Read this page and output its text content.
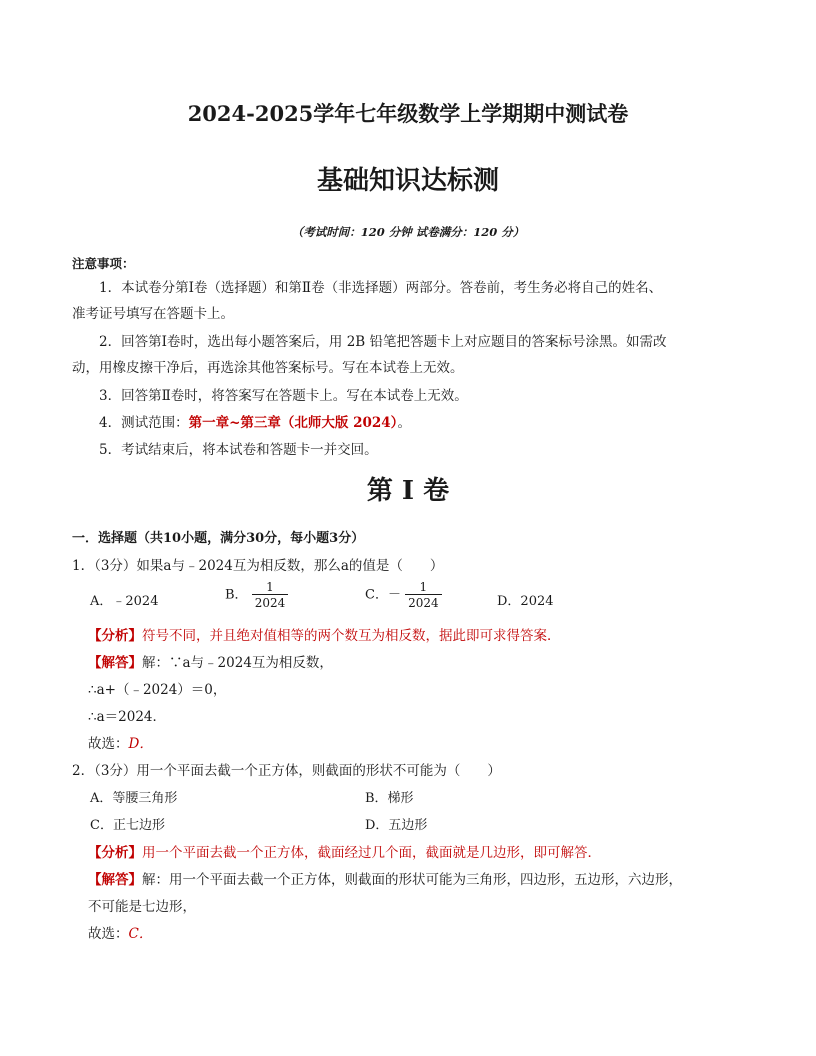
2024-2025学年七年级数学上学期期中测试卷
基础知识达标测
（考试时间：120 分钟 试卷满分：120 分）
注意事项：
1．本试卷分第Ⅰ卷（选择题）和第Ⅱ卷（非选择题）两部分。答卷前，考生务必将自己的姓名、
准考证号填写在答题卡上。
2．回答第Ⅰ卷时，选出每小题答案后，用 2B 铅笔把答题卡上对应题目的答案标号涂黑。如需改
动，用橡皮擦干净后，再选涂其他答案标号。写在本试卷上无效。
3．回答第Ⅱ卷时，将答案写在答题卡上。写在本试卷上无效。
4．测试范围：第一章~第三章（北师大版 2024）。
5．考试结束后，将本试卷和答题卡一并交回。
第 I 卷
一．选择题（共10小题，满分30分，每小题3分）
1．（3分）如果a与﹣2024互为相反数，那么a的值是（　　）
A．﹣2024	B． $\frac{1}{2024}$	C．－ $\frac{1}{2024}$	D．2024
【分析】符号不同，并且绝对值相等的两个数互为相反数，据此即可求得答案．
【解答】解：∵a与﹣2024互为相反数，
∴a+（﹣2024）＝0，
∴a＝2024．
故选：D．
2．（3分）用一个平面去截一个正方体，则截面的形状不可能为（　　）
A．等腰三角形	B．梯形
C．正七边形	D．五边形
【分析】用一个平面去截一个正方体，截面经过几个面，截面就是几边形，即可解答．
【解答】解：用一个平面去截一个正方体，则截面的形状可能为三角形，四边形，五边形，六边形，
不可能是七边形，
故选：C．
